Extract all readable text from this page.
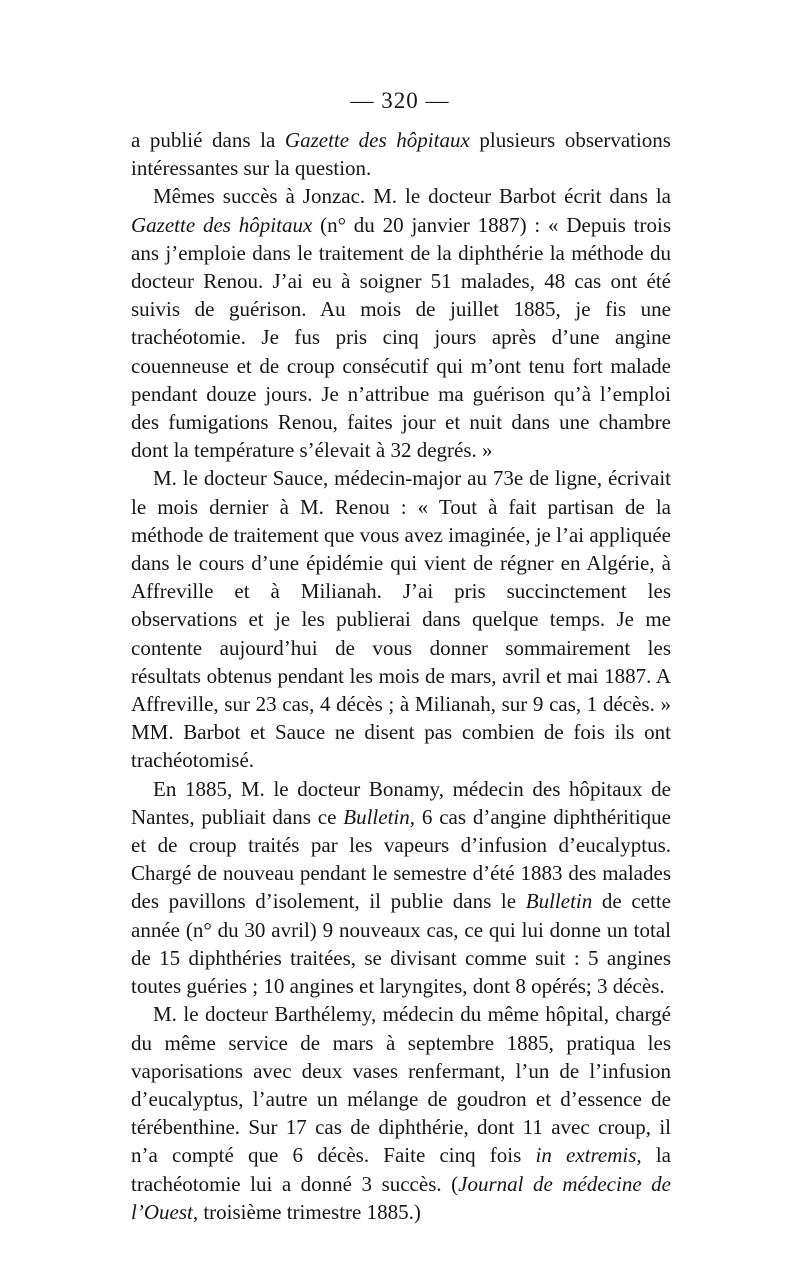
— 320 —

a publié dans la Gazette des hôpitaux plusieurs observations intéressantes sur la question.

Mêmes succès à Jonzac. M. le docteur Barbot écrit dans la Gazette des hôpitaux (n° du 20 janvier 1887) : « Depuis trois ans j’emploie dans le traitement de la diphthérie la méthode du docteur Renou. J’ai eu à soigner 51 malades, 48 cas ont été suivis de guérison. Au mois de juillet 1885, je fis une trachéotomie. Je fus pris cinq jours après d’une angine couenneuse et de croup consécutif qui m’ont tenu fort malade pendant douze jours. Je n’attribue ma guérison qu’à l’emploi des fumigations Renou, faites jour et nuit dans une chambre dont la température s’élevait à 32 degrés. »

M. le docteur Sauce, médecin-major au 73e de ligne, écrivait le mois dernier à M. Renou : « Tout à fait partisan de la méthode de traitement que vous avez imaginée, je l’ai appliquée dans le cours d’une épidémie qui vient de régner en Algérie, à Affreville et à Milianah. J’ai pris succinctement les observations et je les publierai dans quelque temps. Je me contente aujourd’hui de vous donner sommairement les résultats obtenus pendant les mois de mars, avril et mai 1887. A Affreville, sur 23 cas, 4 décès ; à Milianah, sur 9 cas, 1 décès. » MM. Barbot et Sauce ne disent pas combien de fois ils ont trachéotomisé.

En 1885, M. le docteur Bonamy, médecin des hôpitaux de Nantes, publiait dans ce Bulletin, 6 cas d’angine diphthéritique et de croup traités par les vapeurs d’infusion d’eucalyptus. Chargé de nouveau pendant le semestre d’été 1883 des malades des pavillons d’isolement, il publie dans le Bulletin de cette année (n° du 30 avril) 9 nouveaux cas, ce qui lui donne un total de 15 diphthéries traitées, se divisant comme suit : 5 angines toutes guéries ; 10 angines et laryngites, dont 8 opérés; 3 décès.

M. le docteur Barthélemy, médecin du même hôpital, chargé du même service de mars à septembre 1885, pratiqua les vaporisations avec deux vases renfermant, l’un de l’infusion d’eucalyptus, l’autre un mélange de goudron et d’essence de térébenthine. Sur 17 cas de diphthérie, dont 11 avec croup, il n’a compté que 6 décès. Faite cinq fois in extremis, la trachéotomie lui a donné 3 succès. (Journal de médecine de l’Ouest, troisième trimestre 1885.)
